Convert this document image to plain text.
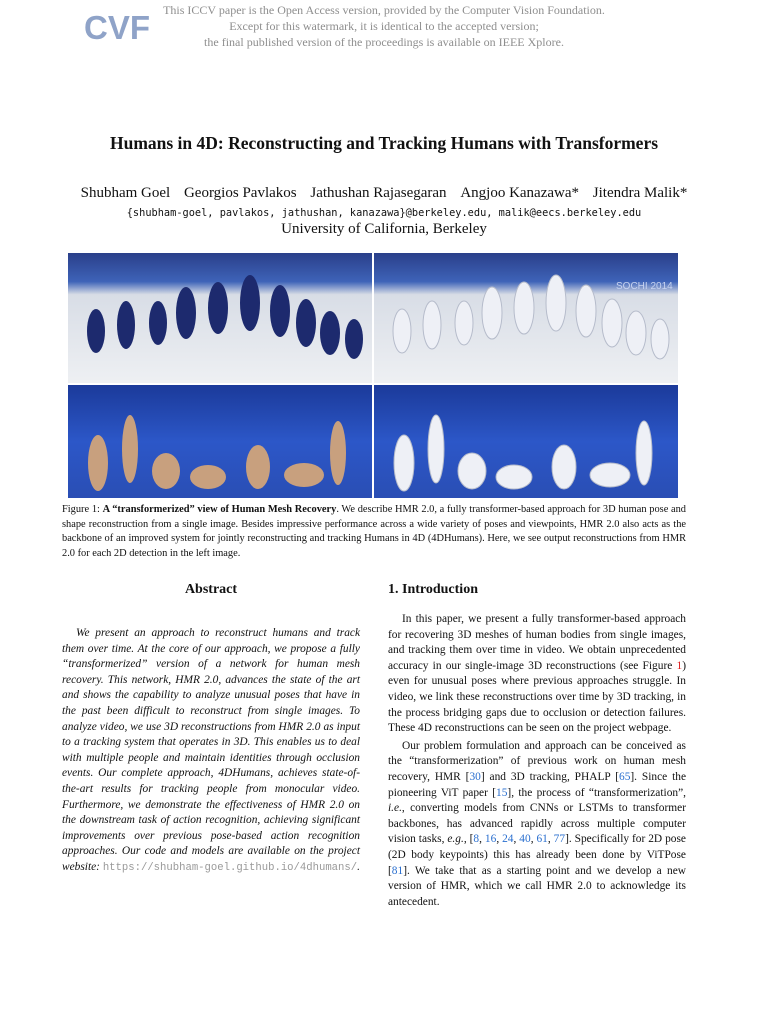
CVF	This ICCV paper is the Open Access version, provided by the Computer Vision Foundation.
Except for this watermark, it is identical to the accepted version;
the final published version of the proceedings is available on IEEE Xplore.
Humans in 4D: Reconstructing and Tracking Humans with Transformers
Shubham Goel Georgios Pavlakos Jathushan Rajasegaran Angjoo Kanazawa* Jitendra Malik*
{shubham-goel, pavlakos, jathushan, kanazawa}@berkeley.edu, malik@eecs.berkeley.edu
University of California, Berkeley
SOCHI 2014
Figure 1: A “transformerized” view of Human Mesh Recovery. We describe HMR 2.0, a fully transformer-based approach for 3D human pose and shape reconstruction from a single image. Besides impressive performance across a wide variety of poses and viewpoints, HMR 2.0 also acts as the backbone of an improved system for jointly reconstructing and tracking Humans in 4D (4DHumans). Here, we see output reconstructions from HMR 2.0 for each 2D detection in the left image.
Abstract

We present an approach to reconstruct humans and track them over time. At the core of our approach, we propose a fully “transformerized” version of a network for human mesh recovery. This network, HMR 2.0, advances the state of the art and shows the capability to analyze unusual poses that have in the past been difficult to reconstruct from single images. To analyze video, we use 3D reconstructions from HMR 2.0 as input to a tracking system that operates in 3D. This enables us to deal with multiple people and maintain identities through occlusion events. Our complete approach, 4DHumans, achieves state-of-the-art results for tracking people from monocular video. Furthermore, we demonstrate the effectiveness of HMR 2.0 on the downstream task of action recognition, achieving significant improvements over previous pose-based action recognition approaches. Our code and models are available on the project website: https://shubham-goel.github.io/4dhumans/.

1. Introduction

In this paper, we present a fully transformer-based approach for recovering 3D meshes of human bodies from single images, and tracking them over time in video. We obtain unprecedented accuracy in our single-image 3D reconstructions (see Figure 1) even for unusual poses where previous approaches struggle. In video, we link these reconstructions over time by 3D tracking, in the process bridging gaps due to occlusion or detection failures. These 4D reconstructions can be seen on the project webpage.

Our problem formulation and approach can be conceived as the “transformerization” of previous work on human mesh recovery, HMR [30] and 3D tracking, PHALP [65]. Since the pioneering ViT paper [15], the process of “transformerization”, i.e., converting models from CNNs or LSTMs to transformer backbones, has advanced rapidly across multiple computer vision tasks, e.g., [8, 16, 24, 40, 61, 77]. Specifically for 2D pose (2D body keypoints) this has already been done by ViTPose [81]. We take that as a starting point and we develop a new version of HMR, which we call HMR 2.0 to acknowledge its antecedent.
